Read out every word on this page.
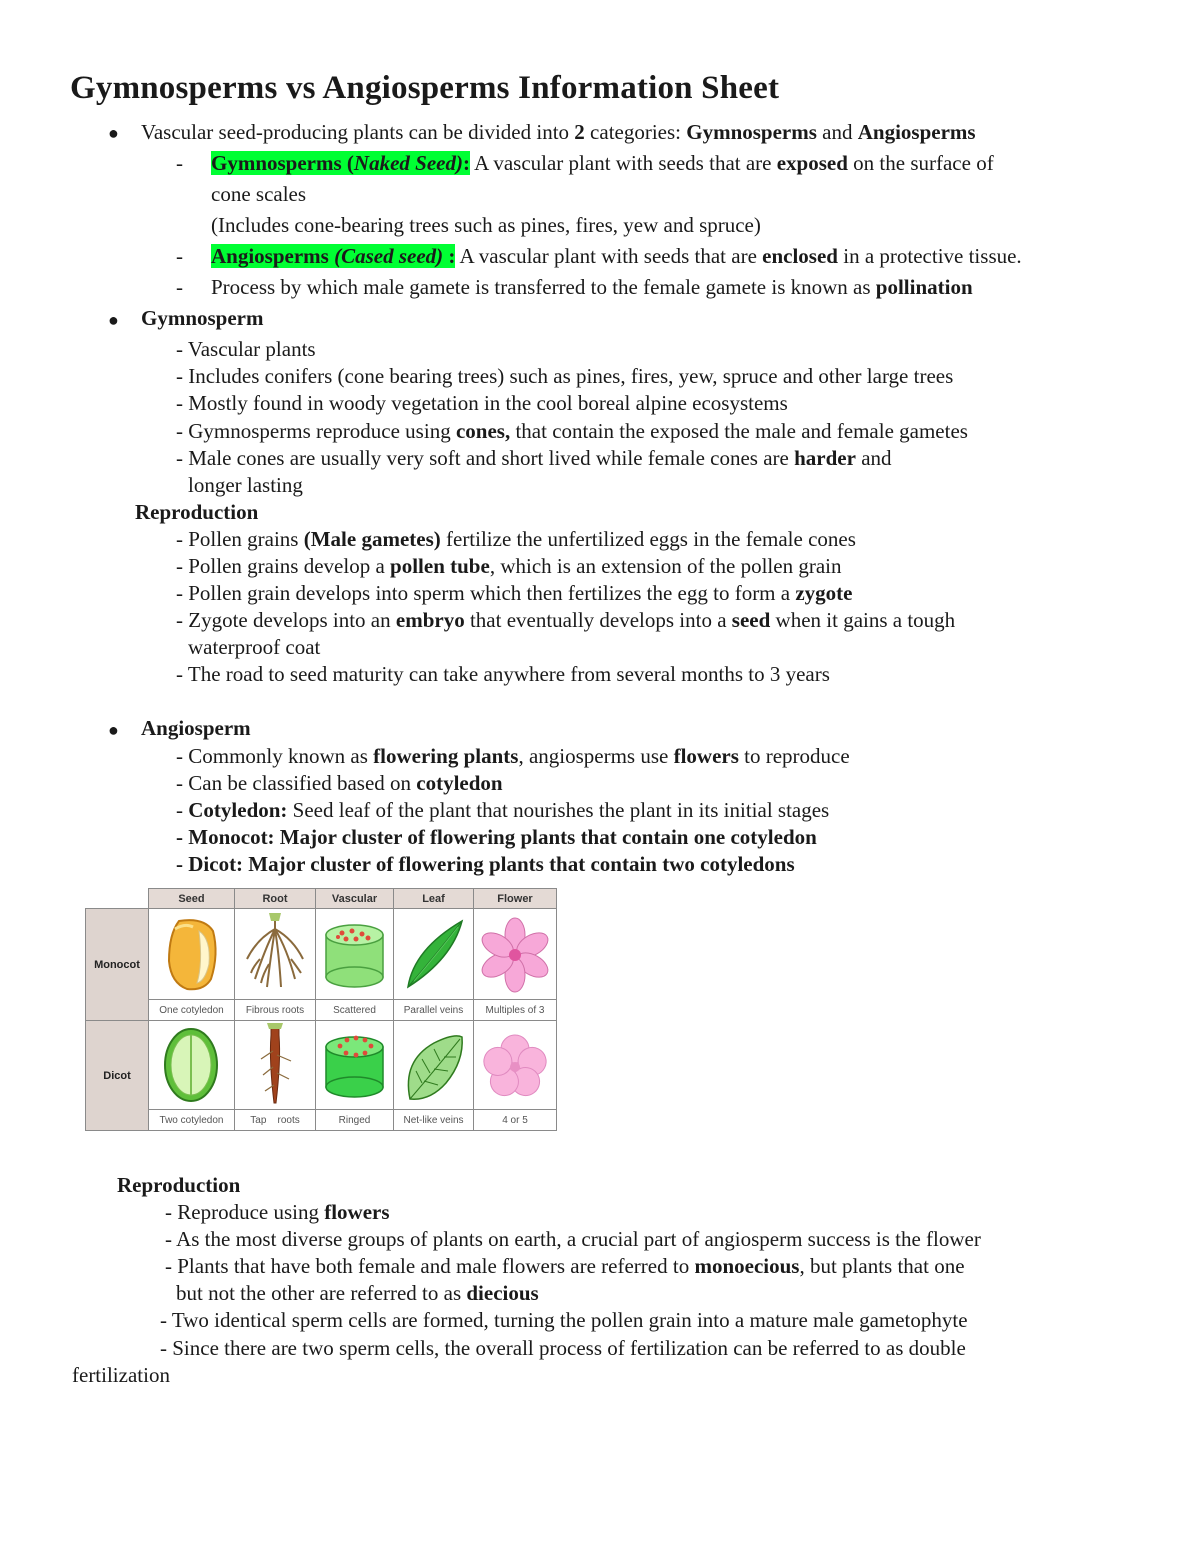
Gymnosperms vs Angiosperms Information Sheet
● Vascular seed-producing plants can be divided into 2 categories: Gymnosperms and Angiosperms
- Gymnosperms (Naked Seed): A vascular plant with seeds that are exposed on the surface of
cone scales
(Includes cone-bearing trees such as pines, fires, yew and spruce)
- Angiosperms (Cased seed) : A vascular plant with seeds that are enclosed in a protective tissue.
- Process by which male gamete is transferred to the female gamete is known as pollination
● Gymnosperm
- Vascular plants
- Includes conifers (cone bearing trees) such as pines, fires, yew, spruce and other large trees
- Mostly found in woody vegetation in the cool boreal alpine ecosystems
- Gymnosperms reproduce using cones, that contain the exposed the male and female gametes
- Male cones are usually very soft and short lived while female cones are harder and
longer lasting
Reproduction
- Pollen grains (Male gametes) fertilize the unfertilized eggs in the female cones
- Pollen grains develop a pollen tube, which is an extension of the pollen grain
- Pollen grain develops into sperm which then fertilizes the egg to form a zygote
- Zygote develops into an embryo that eventually develops into a seed when it gains a tough
waterproof coat
- The road to seed maturity can take anywhere from several months to 3 years
● Angiosperm
- Commonly known as flowering plants, angiosperms use flowers to reproduce
- Can be classified based on cotyledon
- Cotyledon: Seed leaf of the plant that nourishes the plant in its initial stages
- Monocot: Major cluster of flowering plants that contain one cotyledon
- Dicot: Major cluster of flowering plants that contain two cotyledons
Seed	Root	Vascular	Leaf	Flower
Monocot
One cotyledon	Fibrous roots	Scattered	Parallel veins	Multiples of 3
Dicot
Two cotyledon	Tap    roots	Ringed	Net-like veins	4 or 5
Reproduction
- Reproduce using flowers
- As the most diverse groups of plants on earth, a crucial part of angiosperm success is the flower
- Plants that have both female and male flowers are referred to monoecious, but plants that one
but not the other are referred to as diecious
- Two identical sperm cells are formed, turning the pollen grain into a mature male gametophyte
- Since there are two sperm cells, the overall process of fertilization can be referred to as double
fertilization
